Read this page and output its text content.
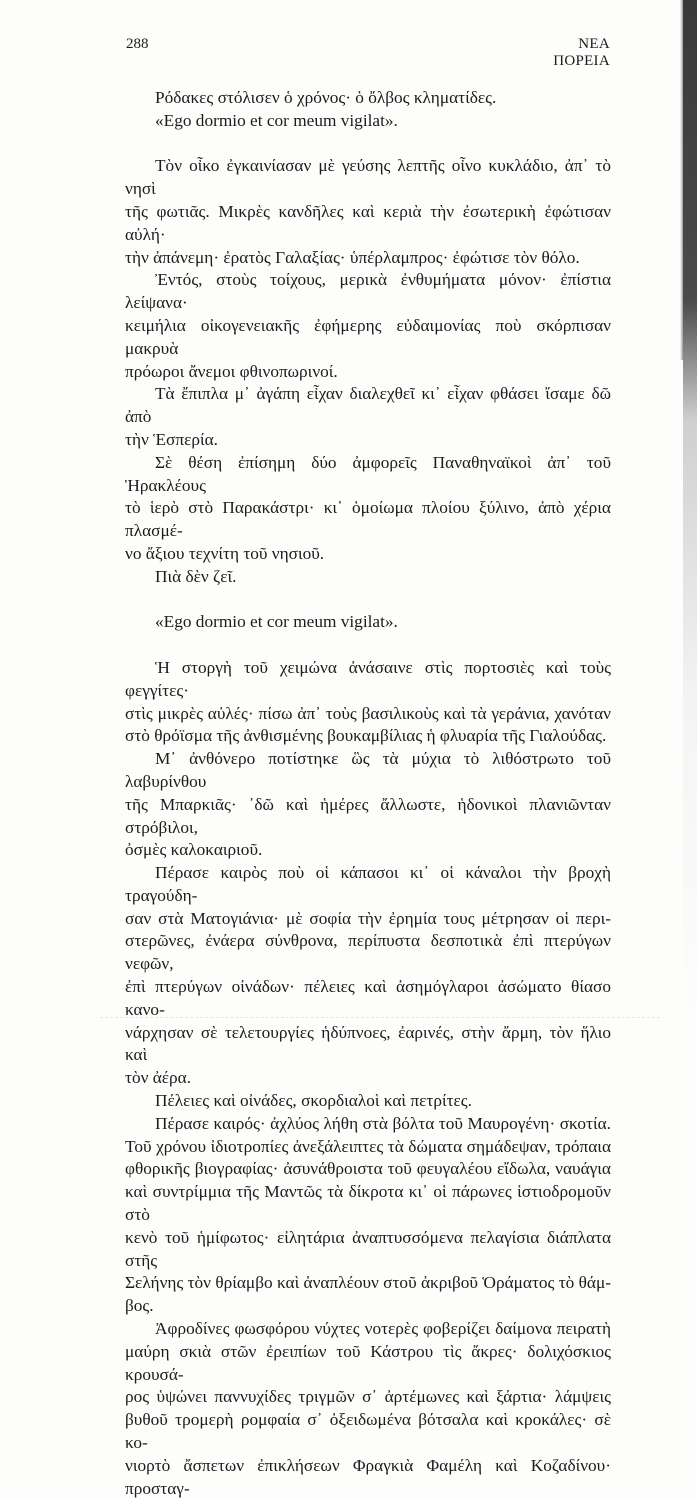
288	ΝΕΑ ΠΟΡΕΙΑ
Ρόδακες στόλισεν ὁ χρόνος· ὁ ὄλβος κληματίδες.
«Ego dormio et cor meum vigilat».
Τὸν οἶκο ἐγκαινίασαν μὲ γεύσης λεπτῆς οἶνο κυκλάδιο, ἀπ᾽ τὸ νησὶ
τῆς φωτιᾶς. Μικρὲς κανδῆλες καὶ κεριὰ τὴν ἐσωτερικὴ ἐφώτισαν αὐλή·
τὴν ἀπάνεμη· ἐρατὸς Γαλαξίας· ὑπέρλαμπρος· ἐφώτισε τὸν θόλο.
Ἐντός, στοὺς τοίχους, μερικὰ ἐνθυμήματα μόνον· ἐπίστια λείψανα·
κειμήλια οἰκογενειακῆς ἐφήμερης εὐδαιμονίας ποὺ σκόρπισαν μακρυὰ
πρόωροι ἄνεμοι φθινοπωρινοί.
Τὰ ἔπιπλα μ᾽ ἀγάπη εἶχαν διαλεχθεῖ κι᾽ εἶχαν φθάσει ἴσαμε δῶ ἀπὸ
τὴν Ἑσπερία.
Σὲ θέση ἐπίσημη δύο ἀμφορεῖς Παναθηναϊκοὶ ἀπ᾽ τοῦ Ἡρακλέους
τὸ ἱερὸ στὸ Παρακάστρι· κι᾽ ὁμοίωμα πλοίου ξύλινο, ἀπὸ χέρια πλασμέ-
νο ἄξιου τεχνίτη τοῦ νησιοῦ.
Πιὰ δὲν ζεῖ.
«Ego dormio et cor meum vigilat».
Ἡ στοργὴ τοῦ χειμώνα ἀνάσαινε στὶς πορτοσιὲς καὶ τοὺς φεγγίτες·
στὶς μικρὲς αὐλές· πίσω ἀπ᾽ τοὺς βασιλικοὺς καὶ τὰ γεράνια, χανόταν
στὸ θρόϊσμα τῆς ἀνθισμένης βουκαμβίλιας ἡ φλυαρία τῆς Γιαλούδας.
Μ᾽ ἀνθόνερο ποτίστηκε ὣς τὰ μύχια τὸ λιθόστρωτο τοῦ λαβυρίνθου
τῆς Μπαρκιᾶς· ᾽δῶ καὶ ἡμέρες ἄλλωστε, ἡδονικοὶ πλανιῶνταν στρόβιλοι,
ὀσμὲς καλοκαιριοῦ.
Πέρασε καιρὸς ποὺ οἱ κάπασοι κι᾽ οἱ κάναλοι τὴν βροχὴ τραγούδη-
σαν στὰ Ματογιάνια· μὲ σοφία τὴν ἐρημία τους μέτρησαν οἱ περι-
στερῶνες, ἐνάερα σύνθρονα, περίπυστα δεσποτικὰ ἐπὶ πτερύγων νεφῶν,
ἐπὶ πτερύγων οἰνάδων· πέλειες καὶ ἀσημόγλαροι ἀσώματο θίασο κανο-
νάρχησαν σὲ τελετουργίες ἡδύπνοες, ἐαρινές, στὴν ἄρμη, τὸν ἥλιο καὶ
τὸν ἀέρα.
Πέλειες καὶ οἰνάδες, σκορδιαλοὶ καὶ πετρίτες.
Πέρασε καιρός· ἀχλύος λήθη στὰ βόλτα τοῦ Μαυρογένη· σκοτία.
Τοῦ χρόνου ἰδιοτροπίες ἀνεξάλειπτες τὰ δώματα σημάδεψαν, τρόπαια
φθορικῆς βιογραφίας· ἀσυνάθροιστα τοῦ φευγαλέου εἴδωλα, ναυάγια
καὶ συντρίμμια τῆς Μαντῶς τὰ δίκροτα κι᾽ οἱ πάρωνες ἱστιοδρομοῦν στὸ
κενὸ τοῦ ἡμίφωτος· εἰλητάρια ἀναπτυσσόμενα πελαγίσια διάπλατα στῆς
Σελήνης τὸν θρίαμβο καὶ ἀναπλέουν στοῦ ἀκριβοῦ Ὁράματος τὸ θάμ-
βος.
Ἀφροδίνες φωσφόρου νύχτες νοτερὲς φοβερίζει δαίμονα πειρατὴ
μαύρη σκιὰ στῶν ἐρειπίων τοῦ Κάστρου τὶς ἄκρες· δολιχόσκιος κρουσά-
ρος ὑψώνει παννυχίδες τριγμῶν σ᾽ ἀρτέμωνες καὶ ξάρτια· λάμψεις
βυθοῦ τρομερὴ ρομφαία σ᾽ ὀξειδωμένα βότσαλα καὶ κροκάλες· σὲ κο-
νιορτὸ ἄσπετων ἐπικλήσεων Φραγκιὰ Φαμέλη καὶ Κοζαδίνου· προσταγ-
